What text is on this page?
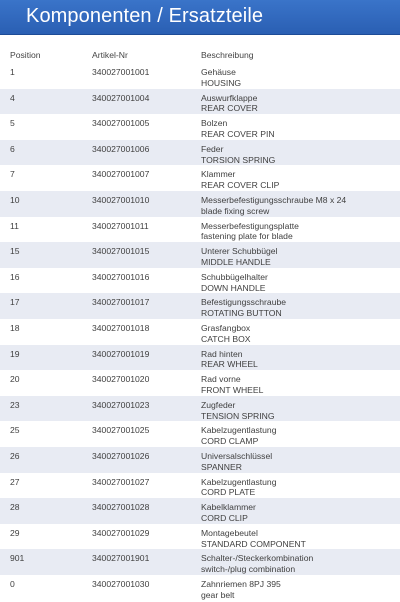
Komponenten / Ersatzteile
Position	Artikel-Nr	Beschreibung
1	340027001001	Gehäuse
HOUSING
4	340027001004	Auswurfklappe
REAR COVER
5	340027001005	Bolzen
REAR COVER PIN
6	340027001006	Feder
TORSION SPRING
7	340027001007	Klammer
REAR COVER CLIP
10	340027001010	Messerbefestigungsschraube M8 x 24
blade fixing screw
11	340027001011	Messerbefestigungsplatte
fastening plate for blade
15	340027001015	Unterer Schubbügel
MIDDLE HANDLE
16	340027001016	Schubbügelhalter
DOWN HANDLE
17	340027001017	Befestigungsschraube
ROTATING BUTTON
18	340027001018	Grasfangbox
CATCH BOX
19	340027001019	Rad hinten
REAR WHEEL
20	340027001020	Rad vorne
FRONT WHEEL
23	340027001023	Zugfeder
TENSION SPRING
25	340027001025	Kabelzugentlastung
CORD CLAMP
26	340027001026	Universalschlüssel
SPANNER
27	340027001027	Kabelzugentlastung
CORD PLATE
28	340027001028	Kabelklammer
CORD CLIP
29	340027001029	Montagebeutel
STANDARD COMPONENT
901	340027001901	Schalter-/Steckerkombination
switch-/plug combination
0	340027001030	Zahnriemen 8PJ 395
gear belt
